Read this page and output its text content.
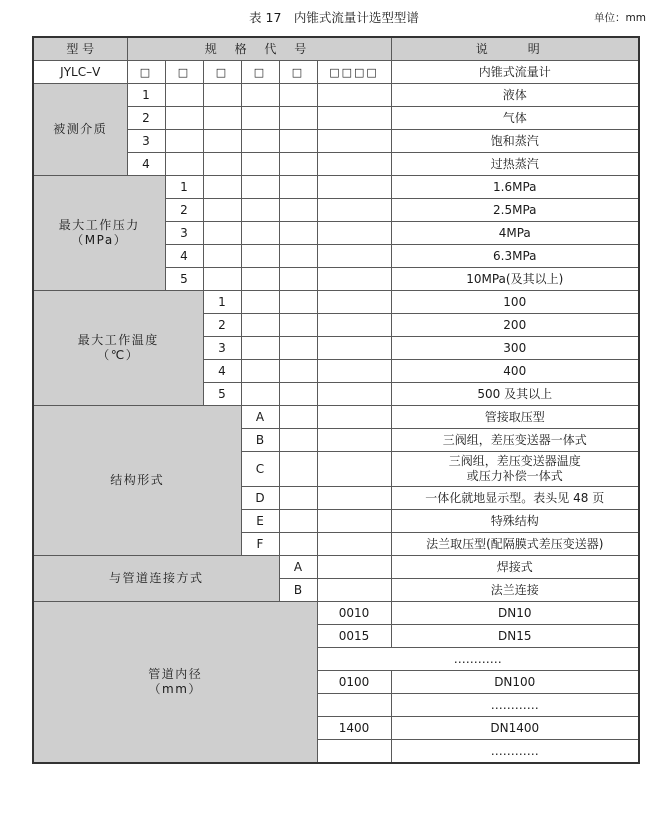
表 17　内锥式流量计选型型谱	单位：mm
型 号	规 格 代 号						说　明
JYLC–V	□	□	□	□	□	□□□□	内锥式流量计
被测介质	1						液体
	2						气体
	3						饱和蒸汽
	4						过热蒸汽
最大工作压力
（MPa）		1					1.6MPa
		2					2.5MPa
		3					4MPa
		4					6.3MPa
		5					10MPa(及其以上)
最大工作温度
（℃）			1				100
			2				200
			3				300
			4				400
			5				500 及其以上
结构形式				A			管接取压型
				B			三阀组，差压变送器一体式
				C			三阀组，差压变送器温度
或压力补偿一体式
				D			一体化就地显示型。表头见 48 页
				E			特殊结构
				F			法兰取压型(配隔膜式差压变送器)
与管道连接方式					A		焊接式
					B		法兰连接
管道内径
（mm）						0010	DN10
						0015	DN15
						…………	
						0100	DN100
							…………
						1400	DN1400
							…………
